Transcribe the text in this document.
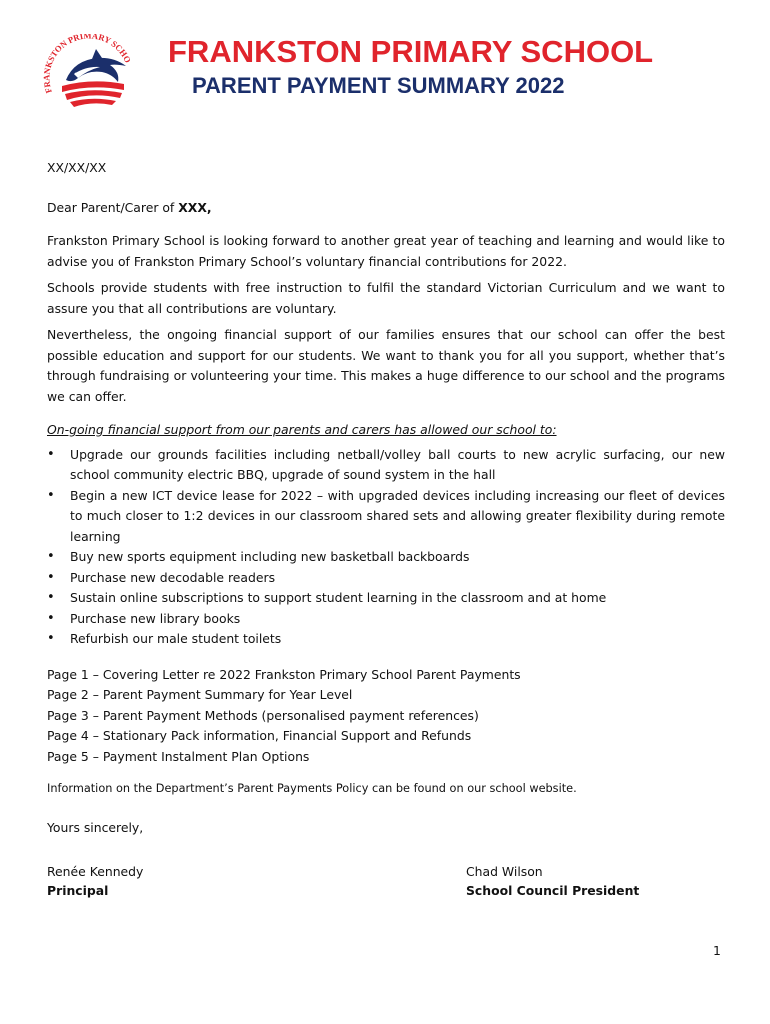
FRANKSTON PRIMARY SCHO FRANKSTON PRIMARY SCHOOL
PARENT PAYMENT SUMMARY 2022

XX/XX/XX

Dear Parent/Carer of XXX,

Frankston Primary School is looking forward to another great year of teaching and learning and would like to advise you of Frankston Primary School’s voluntary financial contributions for 2022.

Schools provide students with free instruction to fulfil the standard Victorian Curriculum and we want to assure you that all contributions are voluntary.

Nevertheless, the ongoing financial support of our families ensures that our school can offer the best possible education and support for our students. We want to thank you for all you support, whether that’s through fundraising or volunteering your time. This makes a huge difference to our school and the programs we can offer.

On-going financial support from our parents and carers has allowed our school to:

• Upgrade our grounds facilities including netball/volley ball courts to new acrylic surfacing, our new school community electric BBQ, upgrade of sound system in the hall
• Begin a new ICT device lease for 2022 – with upgraded devices including increasing our fleet of devices to much closer to 1:2 devices in our classroom shared sets and allowing greater flexibility during remote learning
• Buy new sports equipment including new basketball backboards
• Purchase new decodable readers
• Sustain online subscriptions to support student learning in the classroom and at home
• Purchase new library books
• Refurbish our male student toilets

Page 1 – Covering Letter re 2022 Frankston Primary School Parent Payments

Page 2 – Parent Payment Summary for Year Level

Page 3 – Parent Payment Methods (personalised payment references)

Page 4 – Stationary Pack information, Financial Support and Refunds

Page 5 – Payment Instalment Plan Options

Information on the Department’s Parent Payments Policy can be found on our school website.

Yours sincerely,

Renée Kennedy
Principal
Chad Wilson
School Council President
1
